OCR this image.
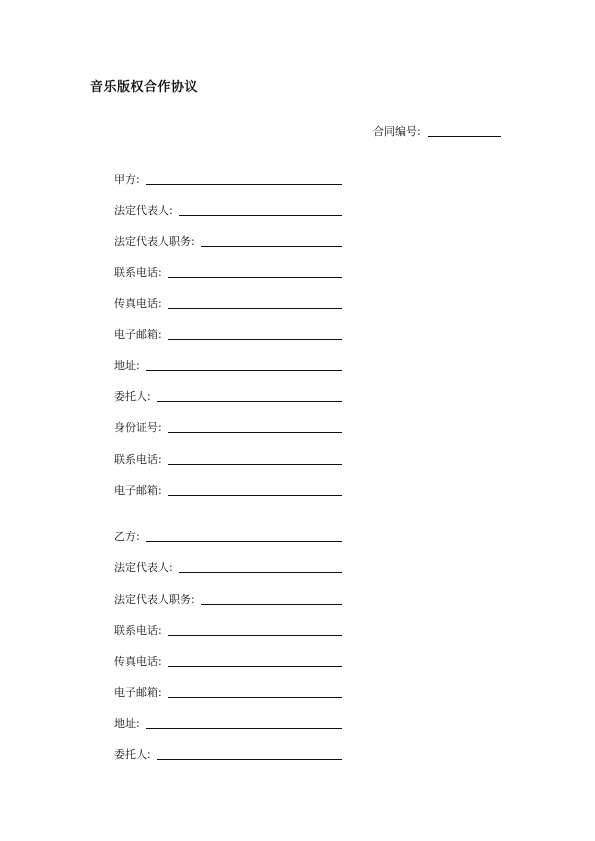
音乐版权合作协议
合同编号:
甲方:
法定代表人:
法定代表人职务:
联系电话:
传真电话:
电子邮箱:
地址:
委托人:
身份证号:
联系电话:
电子邮箱:
乙方:
法定代表人:
法定代表人职务:
联系电话:
传真电话:
电子邮箱:
地址:
委托人:
